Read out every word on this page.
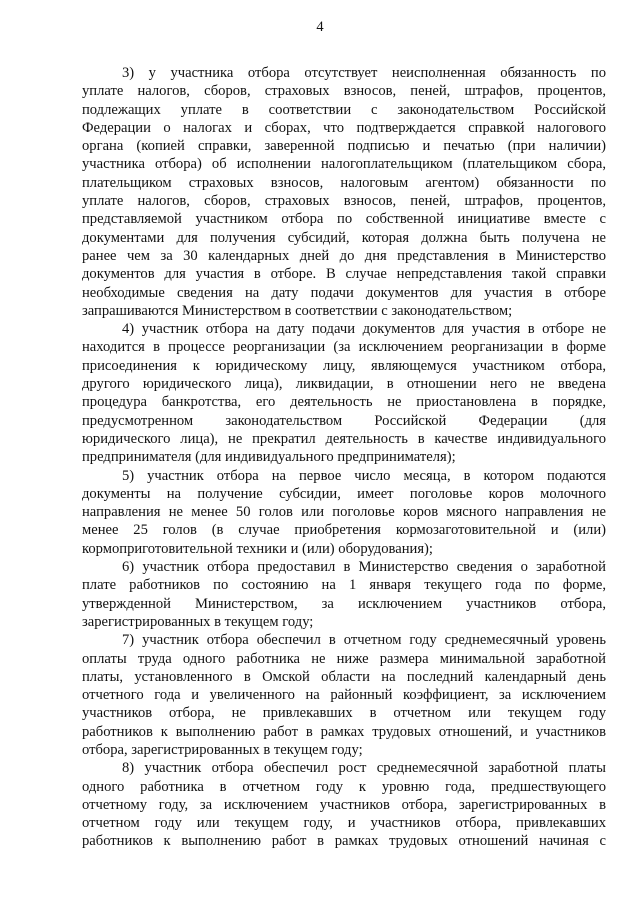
4
3) у участника отбора отсутствует неисполненная обязанность по
уплате налогов, сборов, страховых взносов, пеней, штрафов, процентов,
подлежащих уплате в соответствии с законодательством Российской
Федерации о налогах и сборах, что подтверждается справкой налогового
органа (копией справки, заверенной подписью и печатью (при наличии)
участника отбора) об исполнении налогоплательщиком (плательщиком сбора,
плательщиком страховых взносов, налоговым агентом) обязанности по
уплате налогов, сборов, страховых взносов, пеней, штрафов, процентов,
представляемой участником отбора по собственной инициативе вместе с
документами для получения субсидий, которая должна быть получена не
ранее чем за 30 календарных дней до дня представления в Министерство
документов для участия в отборе. В случае непредставления такой справки
необходимые сведения на дату подачи документов для участия в отборе
запрашиваются Министерством в соответствии с законодательством;
4) участник отбора на дату подачи документов для участия в отборе не
находится в процессе реорганизации (за исключением реорганизации в форме
присоединения к юридическому лицу, являющемуся участником отбора,
другого юридического лица), ликвидации, в отношении него не введена
процедура банкротства, его деятельность не приостановлена в порядке,
предусмотренном законодательством Российской Федерации (для
юридического лица), не прекратил деятельность в качестве индивидуального
предпринимателя (для индивидуального предпринимателя);
5) участник отбора на первое число месяца, в котором подаются
документы на получение субсидии, имеет поголовье коров молочного
направления не менее 50 голов или поголовье коров мясного направления не
менее 25 голов (в случае приобретения кормозаготовительной и (или)
кормоприготовительной техники и (или) оборудования);
6) участник отбора предоставил в Министерство сведения о заработной
плате работников по состоянию на 1 января текущего года по форме,
утвержденной Министерством, за исключением участников отбора,
зарегистрированных в текущем году;
7) участник отбора обеспечил в отчетном году среднемесячный уровень
оплаты труда одного работника не ниже размера минимальной заработной
платы, установленного в Омской области на последний календарный день
отчетного года и увеличенного на районный коэффициент, за исключением
участников отбора, не привлекавших в отчетном или текущем году
работников к выполнению работ в рамках трудовых отношений, и участников
отбора, зарегистрированных в текущем году;
8) участник отбора обеспечил рост среднемесячной заработной платы
одного работника в отчетном году к уровню года, предшествующего
отчетному году, за исключением участников отбора, зарегистрированных в
отчетном году или текущем году, и участников отбора, привлекавших
работников к выполнению работ в рамках трудовых отношений начиная с
